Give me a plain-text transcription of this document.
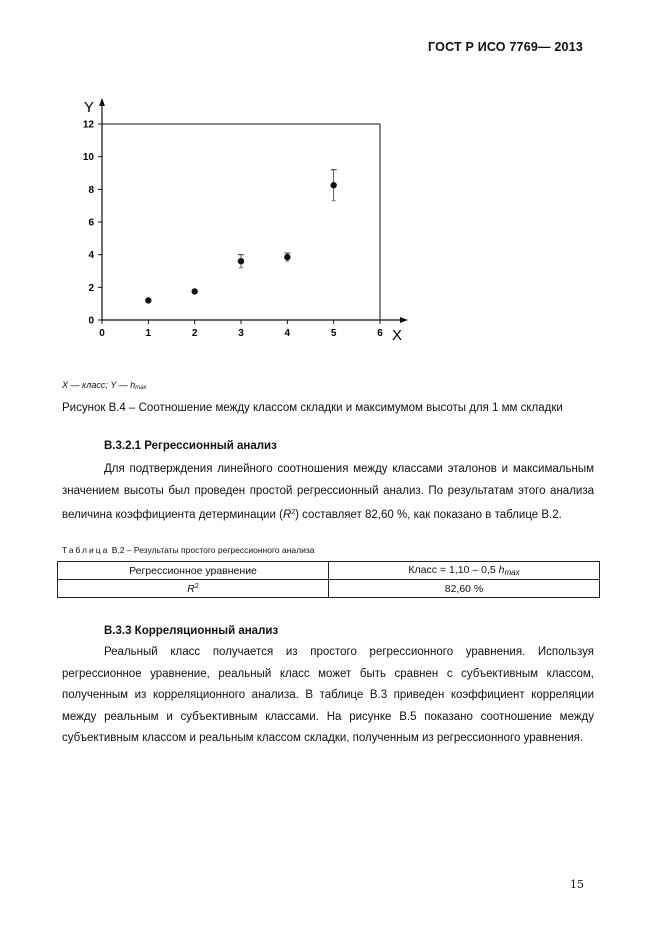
ГОСТ Р ИСО 7769— 2013
Y
X
0	1	2	3	4	5	6
0
2
4
6
8
10
12
X — класс; Y — hmax
Рисунок В.4 – Соотношение между классом складки и максимумом высоты для 1 мм складки
В.3.2.1 Регрессионный анализ

Для подтверждения линейного соотношения между классами эталонов и максимальным значением высоты был проведен простой регрессионный анализ. По результатам этого анализа величина коэффициента детерминации $(R^2)$ составляет 82,60 %, как показано в таблице В.2.

Таблица В.2 – Результаты простого регрессионного анализа
Регрессионное уравнение	Класс = 1,10 – 0,5 hmax
$R^2$	82,60 %
В.3.3 Корреляционный анализ

Реальный класс получается из простого регрессионного уравнения. Используя регрессионное уравнение, реальный класс может быть сравнен с субъективным классом, полученным из корреляционного анализа. В таблице В.3 приведен коэффициент корреляции между реальным и субъективным классами. На рисунке В.5 показано соотношение между субъективным классом и реальным классом складки, полученным из регрессионного уравнения.

15
